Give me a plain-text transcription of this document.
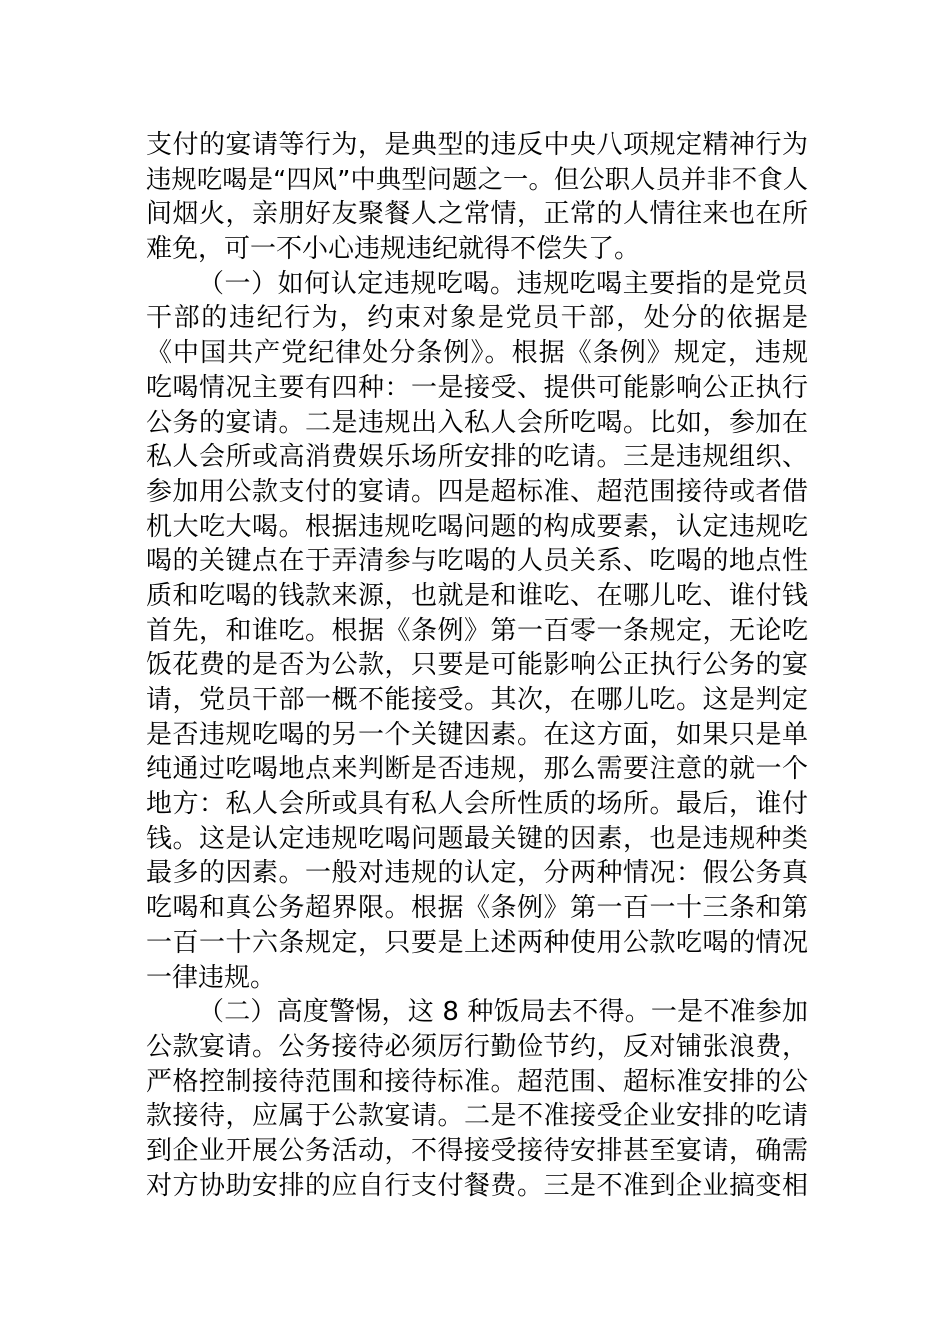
支付的宴请等行为，是典型的违反中央八项规定精神行为
违规吃喝是“四风”中典型问题之一。但公职人员并非不食人
间烟火，亲朋好友聚餐人之常情，正常的人情往来也在所
难免，可一不小心违规违纪就得不偿失了。
（一）如何认定违规吃喝。违规吃喝主要指的是党员
干部的违纪行为，约束对象是党员干部，处分的依据是
《中国共产党纪律处分条例》。根据《条例》规定，违规
吃喝情况主要有四种：一是接受、提供可能影响公正执行
公务的宴请。二是违规出入私人会所吃喝。比如，参加在
私人会所或高消费娱乐场所安排的吃请。三是违规组织、
参加用公款支付的宴请。四是超标准、超范围接待或者借
机大吃大喝。根据违规吃喝问题的构成要素，认定违规吃
喝的关键点在于弄清参与吃喝的人员关系、吃喝的地点性
质和吃喝的钱款来源，也就是和谁吃、在哪儿吃、谁付钱
首先，和谁吃。根据《条例》第一百零一条规定，无论吃
饭花费的是否为公款，只要是可能影响公正执行公务的宴
请，党员干部一概不能接受。其次，在哪儿吃。这是判定
是否违规吃喝的另一个关键因素。在这方面，如果只是单
纯通过吃喝地点来判断是否违规，那么需要注意的就一个
地方：私人会所或具有私人会所性质的场所。最后，谁付
钱。这是认定违规吃喝问题最关键的因素，也是违规种类
最多的因素。一般对违规的认定，分两种情况：假公务真
吃喝和真公务超界限。根据《条例》第一百一十三条和第
一百一十六条规定，只要是上述两种使用公款吃喝的情况
一律违规。
（二）高度警惕，这 8 种饭局去不得。一是不准参加
公款宴请。公务接待必须厉行勤俭节约，反对铺张浪费，
严格控制接待范围和接待标准。超范围、超标准安排的公
款接待，应属于公款宴请。二是不准接受企业安排的吃请
到企业开展公务活动，不得接受接待安排甚至宴请，确需
对方协助安排的应自行支付餐费。三是不准到企业搞变相
